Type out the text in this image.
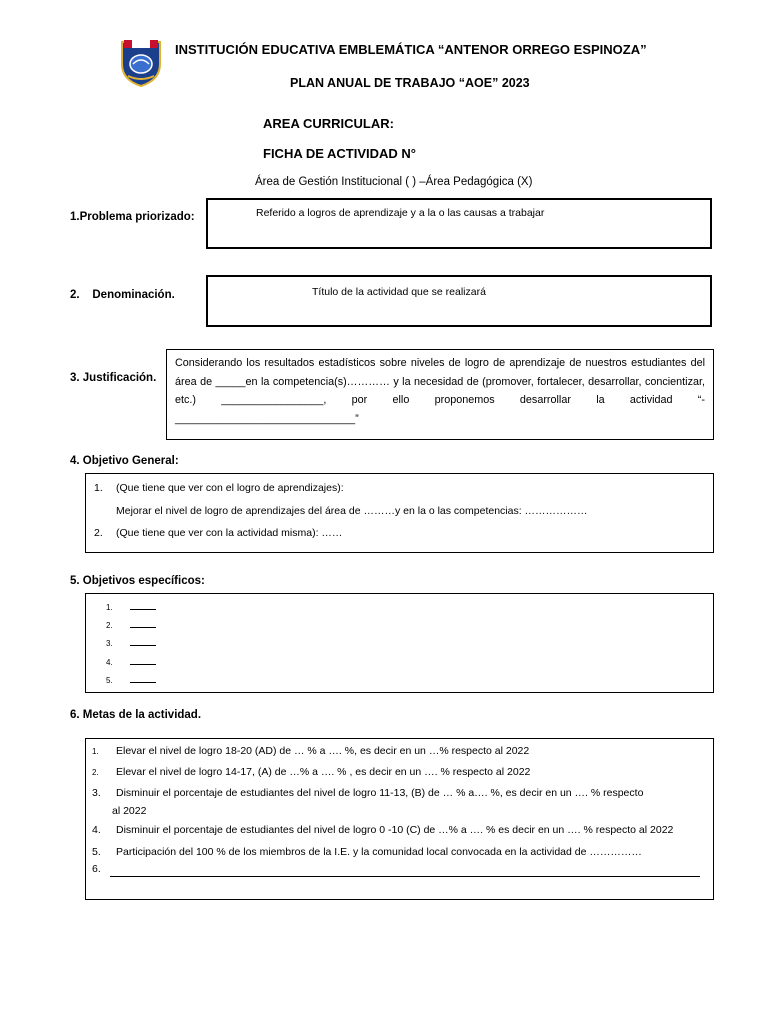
INSTITUCIÓN EDUCATIVA EMBLEMÁTICA “ANTENOR ORREGO ESPINOZA”
PLAN ANUAL DE TRABAJO “AOE” 2023
AREA CURRICULAR:
FICHA DE ACTIVIDAD N°
Área de Gestión Institucional ( ) –Área Pedagógica (X)
1.Problema priorizado:	Referido a logros de aprendizaje y a la o las causas a trabajar
2.    Denominación.	Título de la actividad que se realizará
3. Justificación.
Considerando los resultados estadísticos sobre niveles de logro de aprendizaje de nuestros estudiantes del área de _____en la competencia(s)………… y la necesidad de (promover, fortalecer, desarrollar, concientizar, etc.) _________________, por ello proponemos desarrollar la actividad “-______________________________”
4. Objetivo General:
1. (Que tiene que ver con el logro de aprendizajes):
Mejorar el nivel de logro de aprendizajes del área de ………y en la o las competencias: ………………
2. (Que tiene que ver con la actividad misma): ……
5. Objetivos específicos:
1.
2.
3.
4.
5.
6. Metas de la actividad.
1. Elevar el nivel de logro 18-20 (AD) de … % a …. %, es decir en un …% respecto al 2022
2. Elevar el nivel de logro 14-17, (A) de …% a …. % , es decir en un …. % respecto al 2022
3. Disminuir el porcentaje de estudiantes del nivel de logro 11-13, (B) de … % a…. %, es decir en un …. % respecto
al 2022
4. Disminuir el porcentaje de estudiantes del nivel de logro 0 -10 (C) de …% a …. % es decir en un …. % respecto al 2022
5. Participación del 100 % de los miembros de la I.E. y la comunidad local convocada en la actividad de ……………
6.
